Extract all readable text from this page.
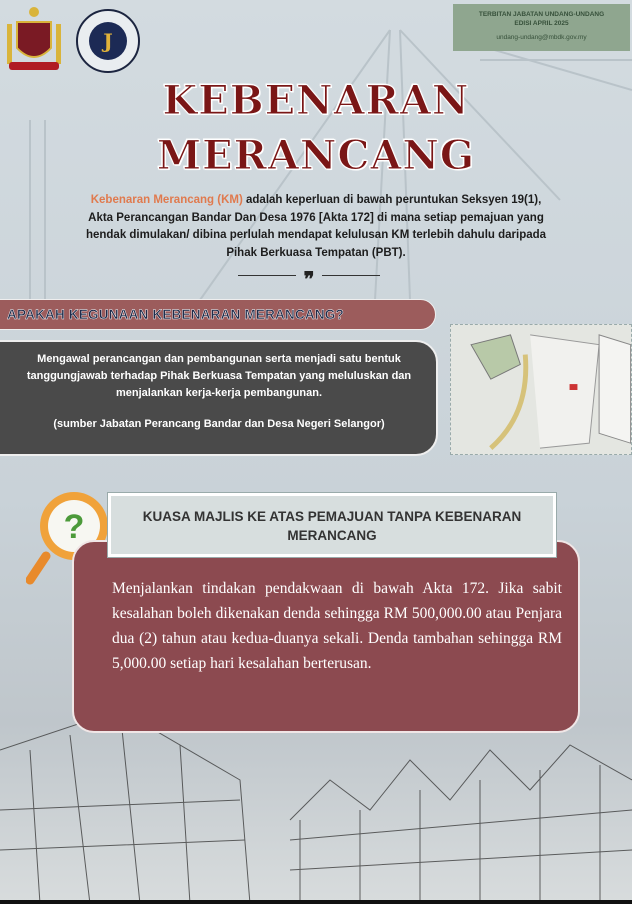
J
TERBITAN JABATAN UNDANG-UNDANG
EDISI APRIL 2025
undang-undang@mbdk.gov.my
KEBENARAN
MERANCANG
Kebenaran Merancang (KM) adalah keperluan di bawah peruntukan Seksyen 19(1), Akta Perancangan Bandar Dan Desa 1976 [Akta 172] di mana setiap pemajuan yang hendak dimulakan/ dibina perlulah mendapat kelulusan KM terlebih dahulu daripada Pihak Berkuasa Tempatan (PBT).
❞
APAKAH KEGUNAAN KEBENARAN MERANCANG?
Mengawal perancangan dan pembangunan serta menjadi satu bentuk tanggungjawab terhadap Pihak Berkuasa Tempatan yang meluluskan dan menjalankan kerja-kerja pembangunan.
(sumber Jabatan Perancang Bandar dan Desa Negeri Selangor)
?	KUASA MAJLIS KE ATAS PEMAJUAN TANPA KEBENARAN MERANCANG
Menjalankan tindakan pendakwaan di bawah Akta 172. Jika sabit kesalahan boleh dikenakan denda sehingga RM 500,000.00 atau Penjara dua (2) tahun atau kedua-duanya sekali. Denda tambahan sehingga RM 5,000.00 setiap hari kesalahan berterusan.
